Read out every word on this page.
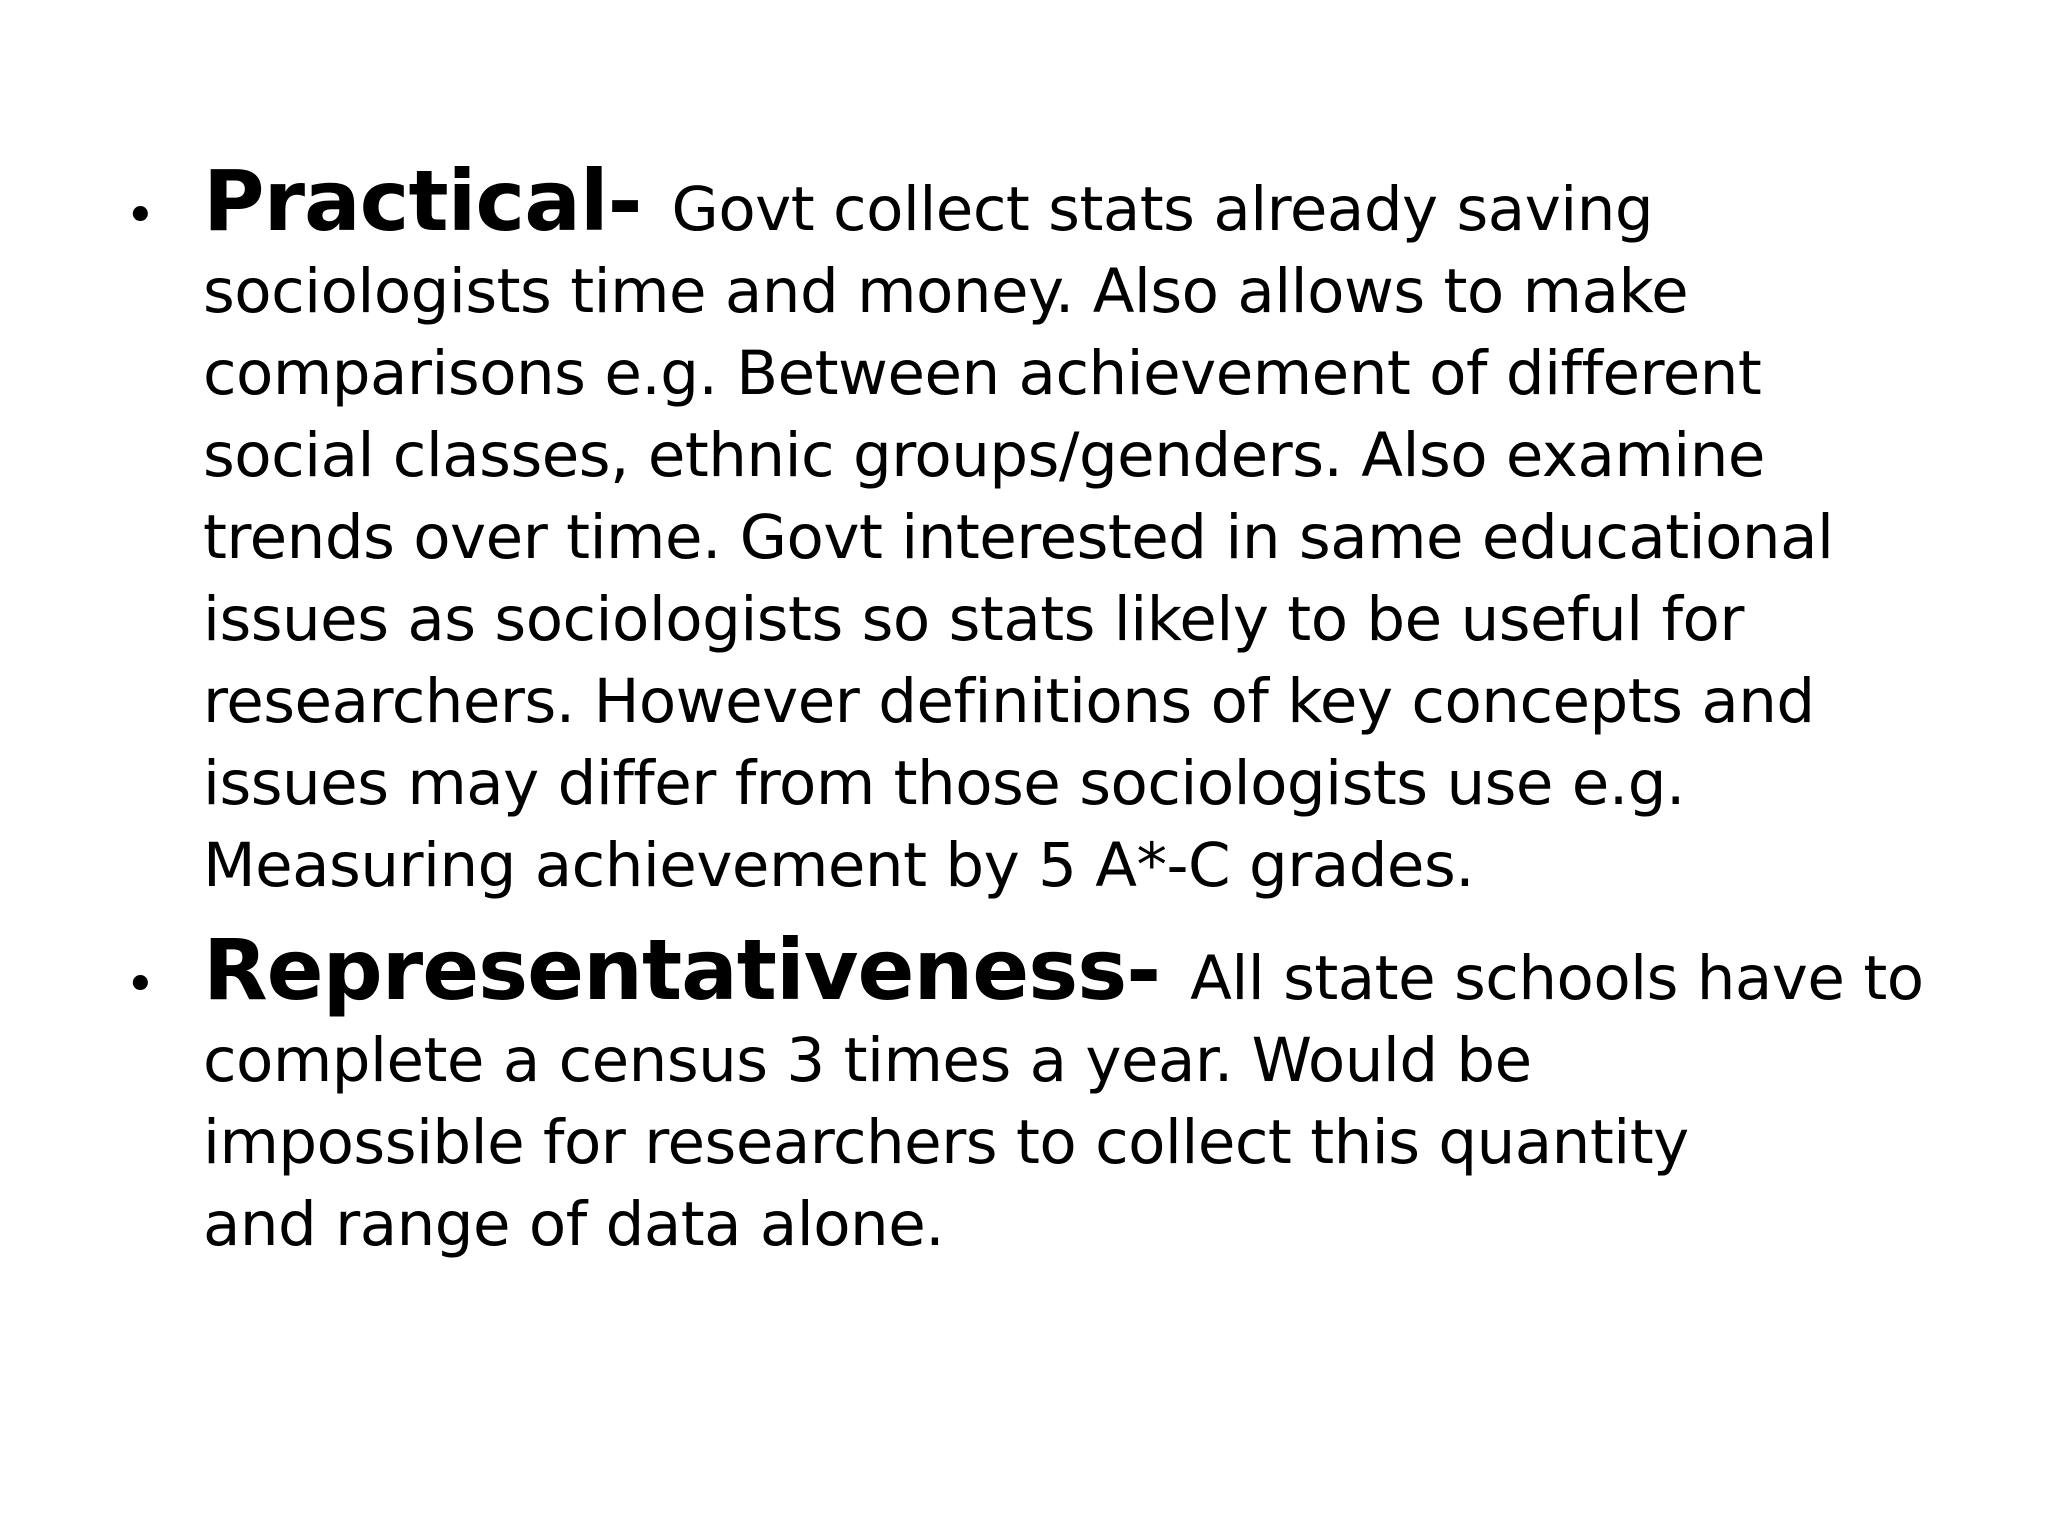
• Practical- Govt collect stats already saving
sociologists time and money. Also allows to make
comparisons e.g. Between achievement of different
social classes, ethnic groups/genders. Also examine
trends over time. Govt interested in same educational
issues as sociologists so stats likely to be useful for
researchers. However definitions of key concepts and
issues may differ from those sociologists use e.g.
Measuring achievement by 5 A*-C grades.
• Representativeness- All state schools have to
complete a census 3 times a year. Would be
impossible for researchers to collect this quantity
and range of data alone.
